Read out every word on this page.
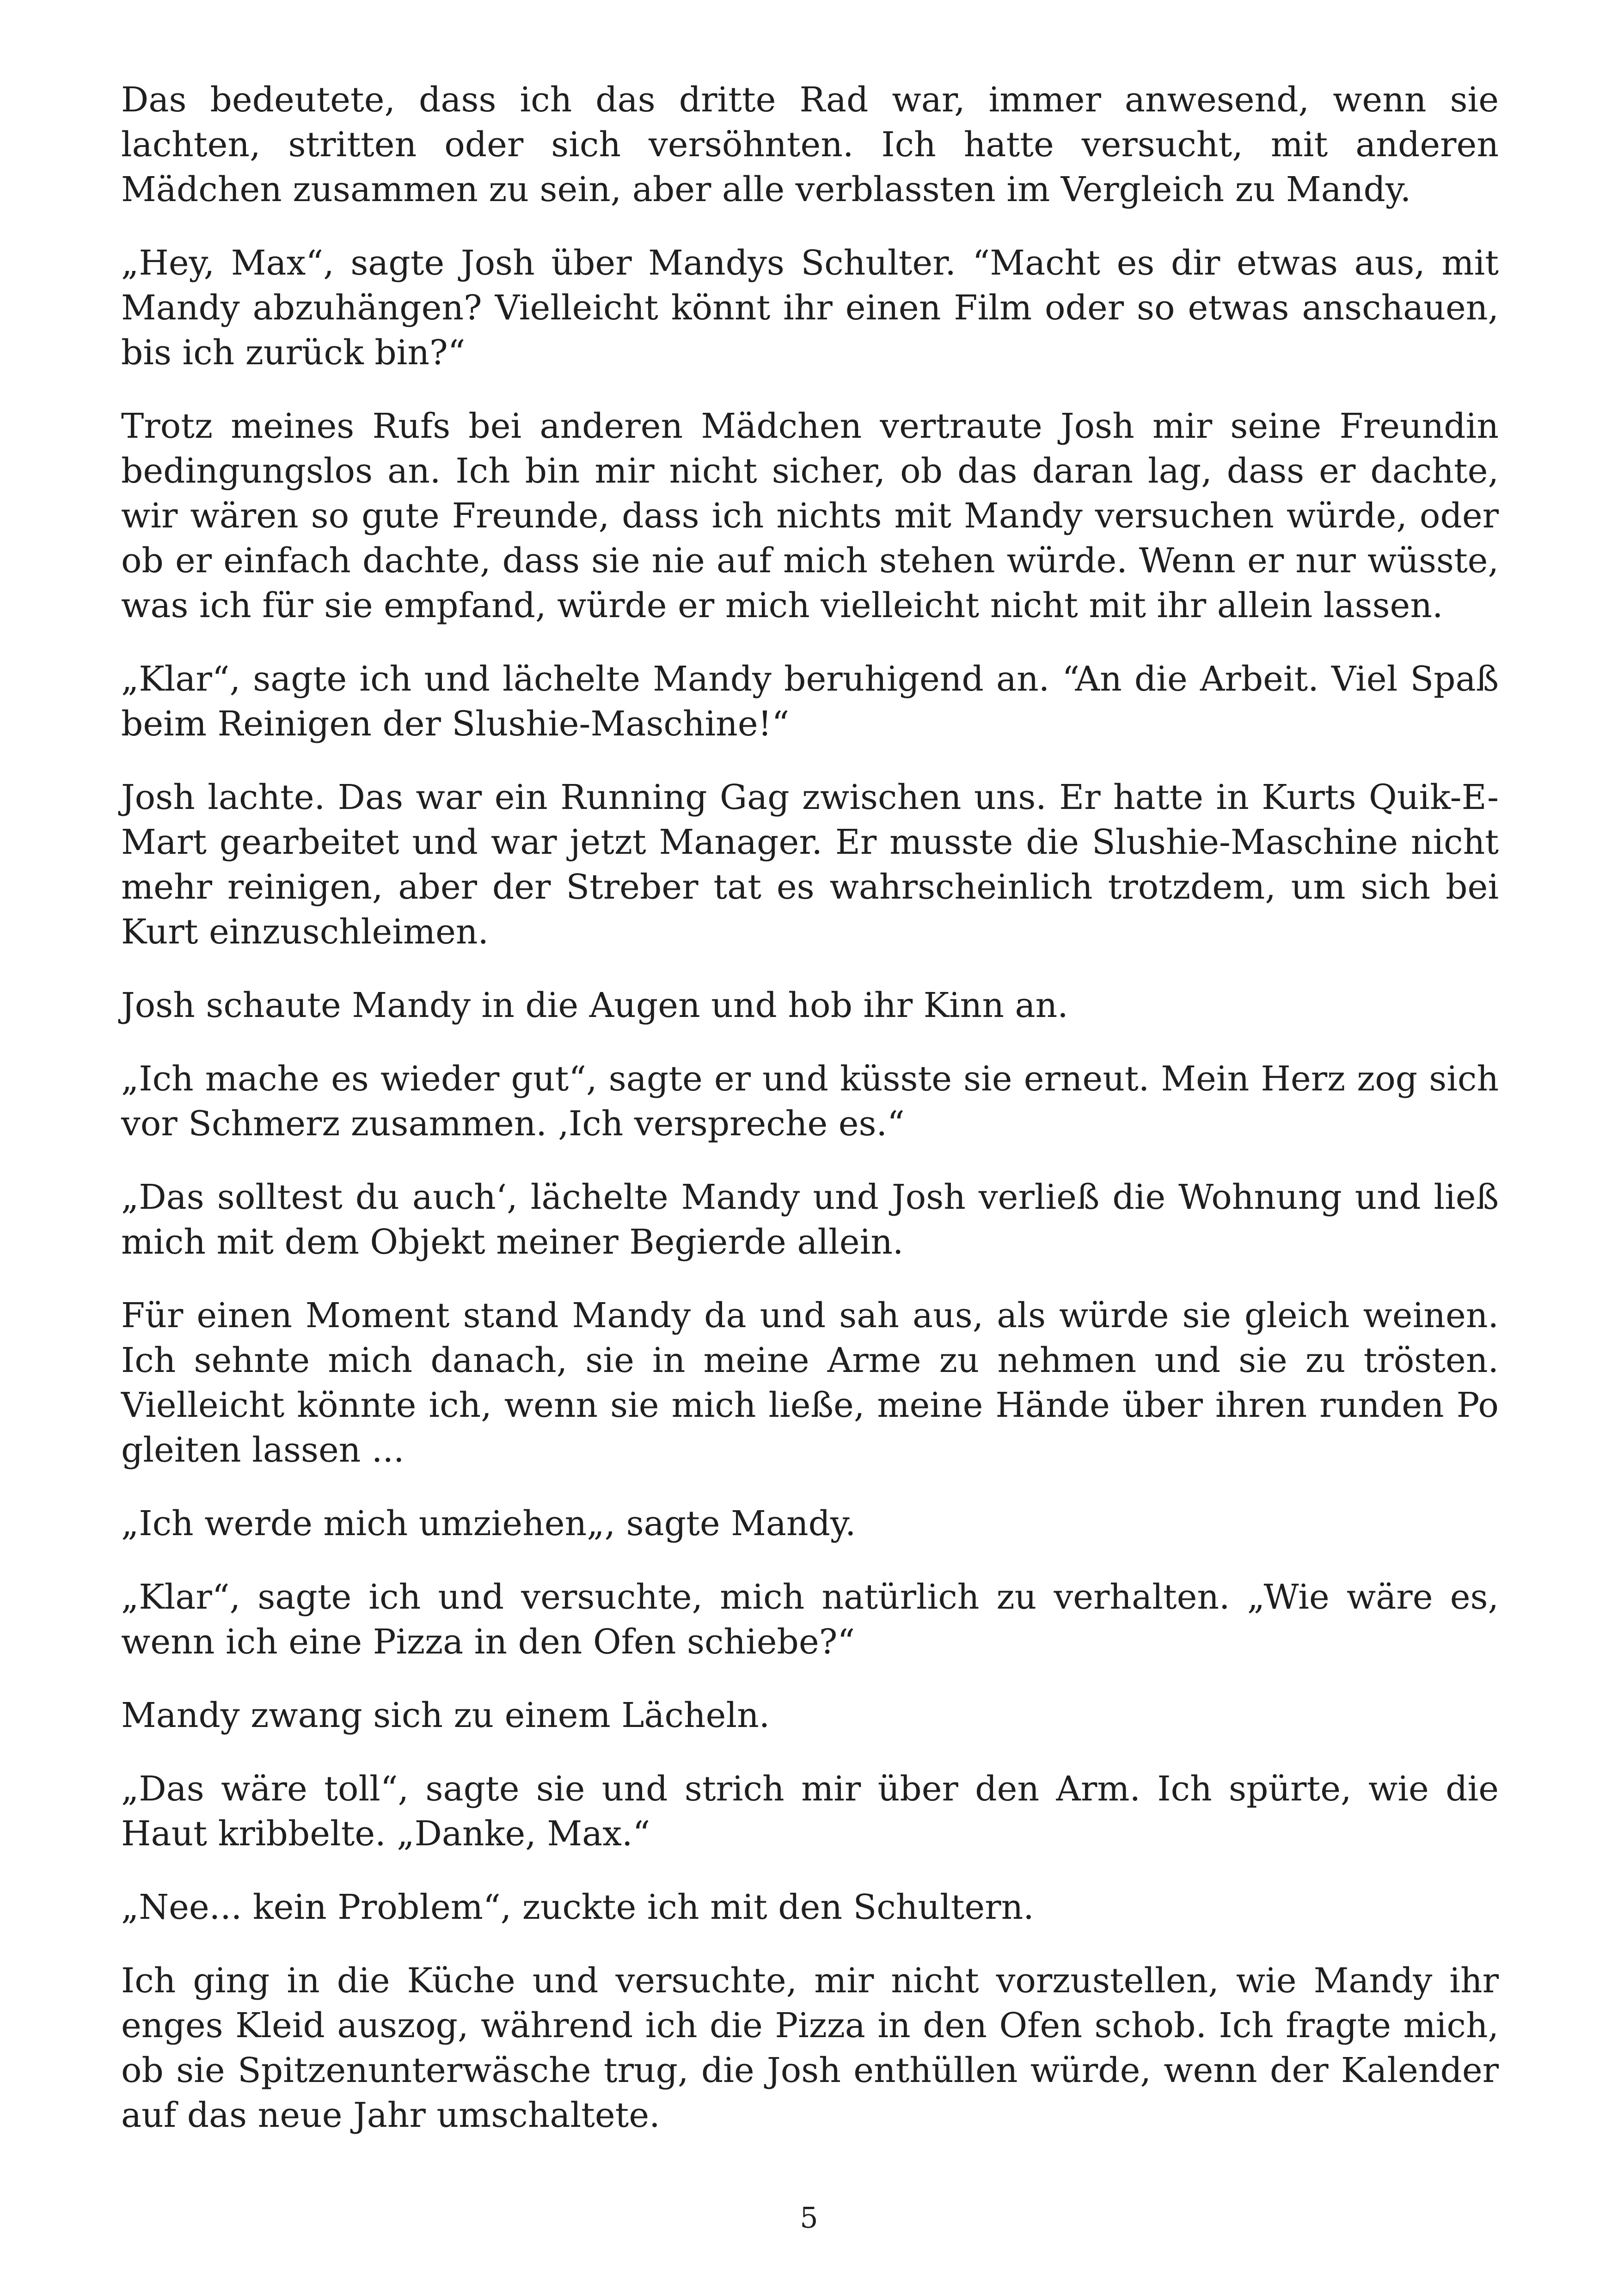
Das bedeutete, dass ich das dritte Rad war, immer anwesend, wenn sie lachten, stritten oder sich versöhnten. Ich hatte versucht, mit anderen Mädchen zusammen zu sein, aber alle verblassten im Vergleich zu Mandy.

„Hey, Max“, sagte Josh über Mandys Schulter. “Macht es dir etwas aus, mit Mandy abzuhängen? Vielleicht könnt ihr einen Film oder so etwas anschauen, bis ich zurück bin?“

Trotz meines Rufs bei anderen Mädchen vertraute Josh mir seine Freundin bedingungslos an. Ich bin mir nicht sicher, ob das daran lag, dass er dachte, wir wären so gute Freunde, dass ich nichts mit Mandy versuchen würde, oder ob er einfach dachte, dass sie nie auf mich stehen würde. Wenn er nur wüsste, was ich für sie empfand, würde er mich vielleicht nicht mit ihr allein lassen.

„Klar“, sagte ich und lächelte Mandy beruhigend an. “An die Arbeit. Viel Spaß beim Reinigen der Slushie-Maschine!“

Josh lachte. Das war ein Running Gag zwischen uns. Er hatte in Kurts Quik-E-Mart gearbeitet und war jetzt Manager. Er musste die Slushie-Maschine nicht mehr reinigen, aber der Streber tat es wahrscheinlich trotzdem, um sich bei Kurt einzuschleimen.

Josh schaute Mandy in die Augen und hob ihr Kinn an.

„Ich mache es wieder gut“, sagte er und küsste sie erneut. Mein Herz zog sich vor Schmerz zusammen. ‚Ich verspreche es.“

„Das solltest du auch‘, lächelte Mandy und Josh verließ die Wohnung und ließ mich mit dem Objekt meiner Begierde allein.

Für einen Moment stand Mandy da und sah aus, als würde sie gleich weinen. Ich sehnte mich danach, sie in meine Arme zu nehmen und sie zu trösten. Vielleicht könnte ich, wenn sie mich ließe, meine Hände über ihren runden Po gleiten lassen ...

„Ich werde mich umziehen„, sagte Mandy.

„Klar“, sagte ich und versuchte, mich natürlich zu verhalten. „Wie wäre es, wenn ich eine Pizza in den Ofen schiebe?“

Mandy zwang sich zu einem Lächeln.

„Das wäre toll“, sagte sie und strich mir über den Arm. Ich spürte, wie die Haut kribbelte. „Danke, Max.“

„Nee... kein Problem“, zuckte ich mit den Schultern.

Ich ging in die Küche und versuchte, mir nicht vorzustellen, wie Mandy ihr enges Kleid auszog, während ich die Pizza in den Ofen schob. Ich fragte mich, ob sie Spitzenunterwäsche trug, die Josh enthüllen würde, wenn der Kalender auf das neue Jahr umschaltete.

5
